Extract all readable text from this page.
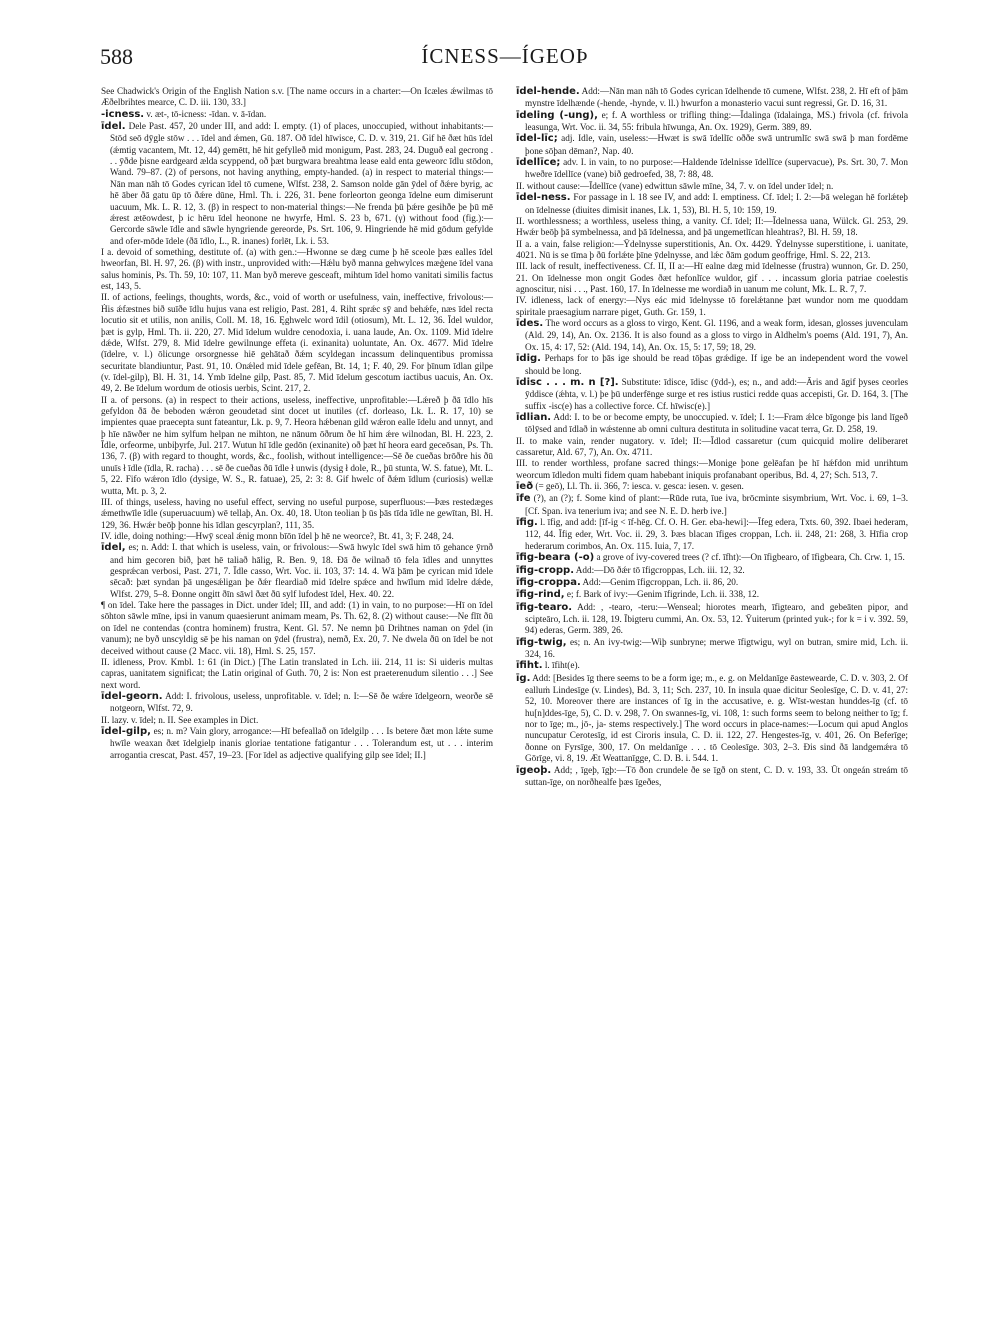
588	ÍCNESS—ÍGEOÞ

See Chadwick's Origin of the English Nation s.v. [The name occurs in a charter:—On Icæles ǽwilmas tō Æðelbrihtes mearce, C. D. iii. 130, 33.]

-icness. v. æt-, tō-icness: -īdan. v. ā-īdan.

īdel. Dele Past. 457, 20 under III, and add: I. empty. (1) of places, unoccupied, without inhabitants:—Stōd seō dȳgle stōw . . . īdel and ǽmen, Gū. 187. Oð īdel hīwisce, C. D. v. 319, 21. Gif hē ðæt hūs īdel (ǽmtig vacantem, Mt. 12, 44) gemētt, hē hit gefylleð mid monigum, Past. 283, 24. Duguð eal gecrong . . . ȳðde þisne eardgeard ælda scyppend, oð þæt burgwara breahtma lease eald enta geweorc īdlu stōdon, Wand. 79–87. (2) of persons, not having anything, empty-handed. (a) in respect to material things:—Nān man nāh tō Godes cyrican īdel tō cumene, Wlfst. 238, 2. Samson nolde gān ȳdel of ðǽre byrig, ac hē āber ðā gatu ūp tō ðǽre dūne, Hml. Th. i. 226, 31. Þene forleorton geonga īdelne eum dimiserunt uacuum, Mk. L. R. 12, 3. (β) in respect to non-material things:—Ne frenda þū þǽre gesihðe þe þū mē ǽrest ætēowdest, þ ic hēru īdel heonone ne hwyrfe, Hml. S. 23 b, 671. (γ) without food (fig.):—Gercorde sāwle īdle and sāwle hyngriende gereorde, Ps. Srt. 106, 9. Hingriende hē mid gōdum gefylde and ofer-mōde īdele (ðā īdlo, L., R. inanes) forlēt, Lk. i. 53.

I a. devoid of something, destitute of. (a) with gen.:—Hwonne se dæg cume þ hē sceole þæs ealles īdel hweorfan, Bl. H. 97, 26. (β) with instr., unprovided with:—Hǽlu byð manna gehwylces mæġene īdel vana salus hominis, Ps. Th. 59, 10: 107, 11. Man byð mereve gesceaft, mihtum īdel homo vanitati similis factus est, 143, 5.

II. of actions, feelings, thoughts, words, &c., void of worth or usefulness, vain, ineffective, frivolous:—Ḣis ǽfæstnes bið suīðe īdlu hujus vana est religio, Past. 281, 4. Riht sprǽc sȳ and behǽfe, næs īdel recta locutio sit et utilis, non anilis, Coll. M. 18, 16. Ęghwelc word īdil (otiosum), Mt. L. 12, 36. Īdel wuldor, þæt is gylp, Hml. Th. ii. 220, 27. Mid īdelum wuldre cenodoxia, i. uana laude, An. Ox. 1109. Mid īdelre dǽde, Wlfst. 279, 8. Mid īdelre gewilnunge effeta (i. exinanita) uoluntate, An. Ox. 4677. Mid īdelre (īdelre, v. l.) ōlicunge orsorgnesse hiē gehātað ðǽm scyldegan incassum delinquentibus promissa securitate blandiuntur, Past. 91, 10. Onǽled mid īdele gefēan, Bt. 14, 1; F. 40, 29. For þīnum īdlan gilpe (v. īdel-gilp), Bl. H. 31, 14. Ymb īdelne gilp, Past. 85, 7. Mid īdelum gescotum iactibus uacuis, An. Ox. 49, 2. Be īdelum wordum de otiosis uerbis, Scint. 217, 2.

II a. of persons. (a) in respect to their actions, useless, ineffective, unprofitable:—Lǽreð þ ðā īdlo hīs gefyldon ðā ðe beboden wǽron geoudetad sint docet ut inutiles (cf. dorleaso, Lk. L. R. 17, 10) se impientes quae praecepta sunt fateantur, Lk. p. 9, 7. Heora hǽbenan gild wǽron ealle īdelu and unnyt, and þ hīe nāwðer ne him sylfum helpan ne mihton, ne nānum ōðrum ðe hī him ǽre wilnodan, Bl. H. 223, 2. Īdle, orfeorme, unbiþyrfe, Jul. 217. Wutun hī īdle gedōn (exinanite) oð þæt hī heora eard geceōsan, Ps. Th. 136, 7. (β) with regard to thought, words, &c., foolish, without intelligence:—Sē ðe cueðas brōðre his ðū unuīs ł īdle (īdla, R. racha) . . . sē ðe cueðas ðū īdle ł unwis (dysig ł dole, R., þū stunta, W. S. fatue), Mt. L. 5, 22. Fifo wǽron īdlo (dysige, W. S., R. fatuae), 25, 2: 3: 8. Gif hwelc of ðǽm īdlum (curiosis) wellæ wutta, Mt. p. 3, 2.

III. of things, useless, having no useful effect, serving no useful purpose, superfluous:—Þæs restedæges ǽmethwīle īdle (superuacuum) wē tellaþ, An. Ox. 40, 18. Uton teolian þ ūs þās tīda īdle ne gewītan, Bl. H. 129, 36. Hwǽr beōþ þonne his īdlan gescyrplan?, 111, 35.

IV. idle, doing nothing:—Hwȳ sceal ǽnig monn bīōn īdel þ hē ne weorce?, Bt. 41, 3; F. 248, 24.

īdel, es; n. Add: I. that which is useless, vain, or frivolous:—Swā hwylc īdel swā him tō gehance ȳrnð and him gecoren bið, þæt hē taliað hālig, R. Ben. 9, 18. Ðā ðe wilnað tō fela īdles and unnyttes gesprǽcan verbosi, Past. 271, 7. Īdle casso, Wrt. Voc. ii. 103, 37: 14. 4. Wā þām þe cyrican mid īdele sēcað: þæt syndan þā ungesǽligan þe ðǽr fleardiað mid īdelre spǽce and hwīlum mid īdelre dǽde, Wlfst. 279, 5–8. Ðonne ongitt ðīn sāwl ðæt ðū sylf lufodest īdel, Hex. 40. 22.

¶ on īdel. Take here the passages in Dict. under īdel; III, and add: (1) in vain, to no purpose:—Hī on īdel sōhton sāwle mīne, ipsi in vanum quaesierunt animam meam, Ps. Th. 62, 8. (2) without cause:—Ne flīt ðū on īdel ne contendas (contra hominem) frustra, Kent. Gl. 57. Ne nemn þū Drihtnes naman on ȳdel (in vanum); ne byð unscyldig sē þe his naman on ȳdel (frustra), nemð, Ex. 20, 7. Ne dwela ðū on īdel be not deceived without cause (2 Macc. vii. 18), Hml. S. 25, 157.

II. idleness, Prov. Kmbl. 1: 61 (in Dict.) [The Latin translated in Lch. iii. 214, 11 is: Si uideris multas capras, uanitatem significat; the Latin original of Guth. 70, 2 is: Non est praeterenudum silentio . . .] See next word.

īdel-georn. Add: I. frivolous, useless, unprofitable. v. īdel; n. I:—Sē ðe wǽre īdelgeorn, weorðe sē notgeorn, Wlfst. 72, 9.

II. lazy. v. īdel; n. II. See examples in Dict.

īdel-gilp, es; n. m? Vain glory, arrogance:—Hī befeallað on īdelgilp . . . Is betere ðæt mon lǽte sume hwīle weaxan ðæt īdelgielp inanis gloriae tentatione fatigantur . . . Tolerandum est, ut . . . interim arrogantia crescat, Past. 457, 19–23. [For īdel as adjective qualifying gilp see īdel; II.]

īdel-hende. Add:—Nān man nāh tō Godes cyrican īdelhende tō cumene, Wlfst. 238, 2. Hī eft of þām mynstre īdelhænde (-hende, -hynde, v. ll.) hwurfon a monasterio vacui sunt regressi, Gr. D. 16, 31.

īdeling (-ung), e; f. A worthless or trifling thing:—Īdalinga (īdalainga, MS.) frivola (cf. frivola leasunga, Wrt. Voc. ii. 34, 55: fribula hīwunga, An. Ox. 1929), Germ. 389, 89.

īdel-līc; adj. Idle, vain, useless:—Hwæt is swā īdellīc oððe swā untrumlīc swā swā þ man fordēme þone sōþan dēman?, Nap. 40.

īdellīce; adv. I. in vain, to no purpose:—Haldende īdelnisse īdellīce (supervacue), Ps. Srt. 30, 7. Mon hweðre īdellīce (vane) bið gedroefed, 38, 7: 88, 48.

II. without cause:—Īdellīce (vane) edwittun sāwle mīne, 34, 7. v. on īdel under īdel; n.

īdel-ness. For passage in l. 18 see IV, and add: I. emptiness. Cf. īdel; I. 2:—Þā welegan hē forlǽteþ on īdelnesse (diuites dimisit inanes, Lk. 1, 53), Bl. H. 5, 10: 159, 19.

II. worthlessness; a worthless, useless thing, a vanity. Cf. īdel; II:—Īdelnessa uana, Wülck. Gl. 253, 29. Hwǽr beōþ þā symbelnessa, and þā īdelnessa, and þā ungemetlīcan hleahtras?, Bl. H. 59, 18.

II a. a vain, false religion:—Ȳdelnysse superstitionis, An. Ox. 4429. Ȳdelnysse superstitione, i. uanitate, 4021. Nū is se tīma þ ðū forlǽte þīne ȳdelnysse, and lǽc ðām godum geoffrige, Hml. S. 22, 213.

III. lack of result, ineffectiveness. Cf. II, II a:—Hī ealne dæg mid īdelnesse (frustra) wunnon, Gr. D. 250, 21. On īdelnesse mon ongit Godes ðæt hefonlīce wuldor, gif . . . incassum gloria patriae coelestis agnoscitur, nisi . . ., Past. 160, 17. In īdelnesse me wordiað in uanum me colunt, Mk. L. R. 7, 7.

IV. idleness, lack of energy:—Nys eác mid īdelnysse tō forelǽtanne þæt wundor nom me quoddam spiritale praesagium narrare piget, Guth. Gr. 159, 1.

īdes. The word occurs as a gloss to virgo, Kent. Gl. 1196, and a weak form, idesan, glosses juvenculam (Ald. 29, 14), An. Ox. 2136. It is also found as a gloss to virgo in Aldhelm's poems (Ald. 191, 7), An. Ox. 15, 4: 17, 52: (Ald. 194, 14), An. Ox. 15, 5: 17, 59; 18, 29.

īdig. Perhaps for to þās ige should be read tōþas grǽdige. If ige be an independent word the vowel should be long.

īdisc . . . m. n [?]. Substitute: īdisce, īdisc (ȳdd-), es; n., and add:—Āris and āgif þyses ceorles ȳddisce (ǽhta, v. l.) þe þū underfēnge surge et res istius rustici redde quas accepisti, Gr. D. 164, 3. [The suffix -isc(e) has a collective force. Cf. hīwisc(e).]

īdlian. Add: I. to be or become empty, be unoccupied. v. īdel; I. 1:—Fram ǽlce bīgonge þis land līgeð tōlȳsed and īdlað in wǽstenne ab omni cultura destituta in solitudine vacat terra, Gr. D. 258, 19.

II. to make vain, render nugatory. v. īdel; II:—Īdlod cassaretur (cum quicquid molire deliberaret cassaretur, Ald. 67, 7), An. Ox. 4711.

III. to render worthless, profane sacred things:—Monige þone gelēafan þe hī hǽfdon mid unrihtum weorcum īdledon multi fidem quam habebant iniquis profanabant operibus, Bd. 4, 27; Sch. 513, 7.

īeð (= geō), Ll. Th. ii. 366, 7: iesca. v. gesca: iesen. v. gesen.

īfe (?), an (?); f. Some kind of plant:—Rūde ruta, īue iva, brōcminte sisymbrium, Wrt. Voc. i. 69, 1–3. [Cf. Span. iva tenerium iva; and see N. E. D. herb ive.]

īfig. l. īfig, and add: [īf-ig < īf-hēg. Cf. O. H. Ger. eba-hewi]:—Īfeg edera, Txts. 60, 392. Ibaei hederam, 112, 44. Īfig eder, Wrt. Voc. ii. 29, 3. Þæs blacan īfiges croppan, Lch. ii. 248, 21: 268, 3. Hīfia crop hederarum corimbos, An. Ox. 115. Iuia, 7, 17.

īfig-beara (-o) a grove of ivy-covered trees (? cf. īfht):—On īfigbearo, of īfigbeara, Ch. Crw. 1, 15.

īfig-cropp. Add:—Dō ðǽr tō īfigcroppas, Lch. iii. 12, 32.

īfig-croppa. Add:—Genim īfigcroppan, Lch. ii. 86, 20.

īfig-rind, e; f. Bark of ivy:—Genim īfigrinde, Lch. ii. 338, 12.

īfig-tearo. Add: , -tearo, -teru:—Wenseal; hiorotes mearh, īfigtearo, and gebeāten pipor, and scipteāro, Lch. ii. 128, 19. Ībigteru cummi, An. Ox. 53, 12. Ȳuiterum (printed yuk-; for k = i v. 392. 59, 94) ederas, Germ. 389, 26.

īfig-twig, es; n. An ivy-twig:—Wiþ sunbryne; merwe īfigtwigu, wyl on butran, smire mid, Lch. ii. 324, 16.

īfiht. l. īfiht(e).

īg. Add: [Besides īg there seems to be a form ige; m., e. g. on Meldanīge ēastewearde, C. D. v. 303, 2. Of ealluṁ Lindesīge (v. Lindes), Bd. 3, 11; Sch. 237, 10. In insula quae dicitur Seolesīge, C. D. v. 41, 27: 52, 10. Moreover there are instances of īg in the accusative, e. g. Wīst-westan hunddes-īg (cf. tō hu[n]ddes-īge, 5), C. D. v. 298, 7. On swannes-īg, vi. 108, 1: such forms seem to belong neither to īg; f. nor to īge; m., jō-, ja- stems respectively.] The word occurs in place-names:—Locum qui apud Anglos nuncupatur Cerotesīg, id est Ciroris insula, C. D. ii. 122, 27. Hengestes-īg, v. 401, 26. On Beferīge; ðonne on Fyrsīge, 300, 17. On meldanīge . . . tō Ceolesīge. 303, 2–3. Ðis sind ðā landgemǽra tō Gōrīge, vi. 8, 19. Æt Weattanīgge, C. D. B. i. 544. 1.

īgeoþ. Add; , īgeþ, īgþ:—Tō ðon crundele ðe se īgð on stent, C. D. v. 193, 33. Ūt ongeán streám tō suttan-īge, on norðhealfe þæs īgeðes,
